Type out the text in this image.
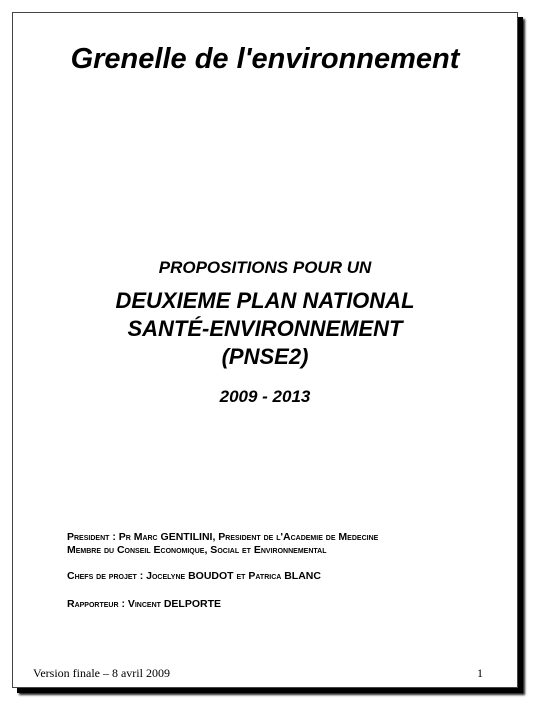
Grenelle de l'environnement
PROPOSITIONS POUR UN
DEUXIEME PLAN NATIONAL
SANTÉ-ENVIRONNEMENT
(PNSE2)
2009 - 2013
President : Pr Marc GENTILINI, President de l'Academie de Medecine
Membre du Conseil Economique, Social et Environnemental
Chefs de projet : Jocelyne BOUDOT et Patrica BLANC
Rapporteur : Vincent DELPORTE
Version finale – 8 avril 2009	1
